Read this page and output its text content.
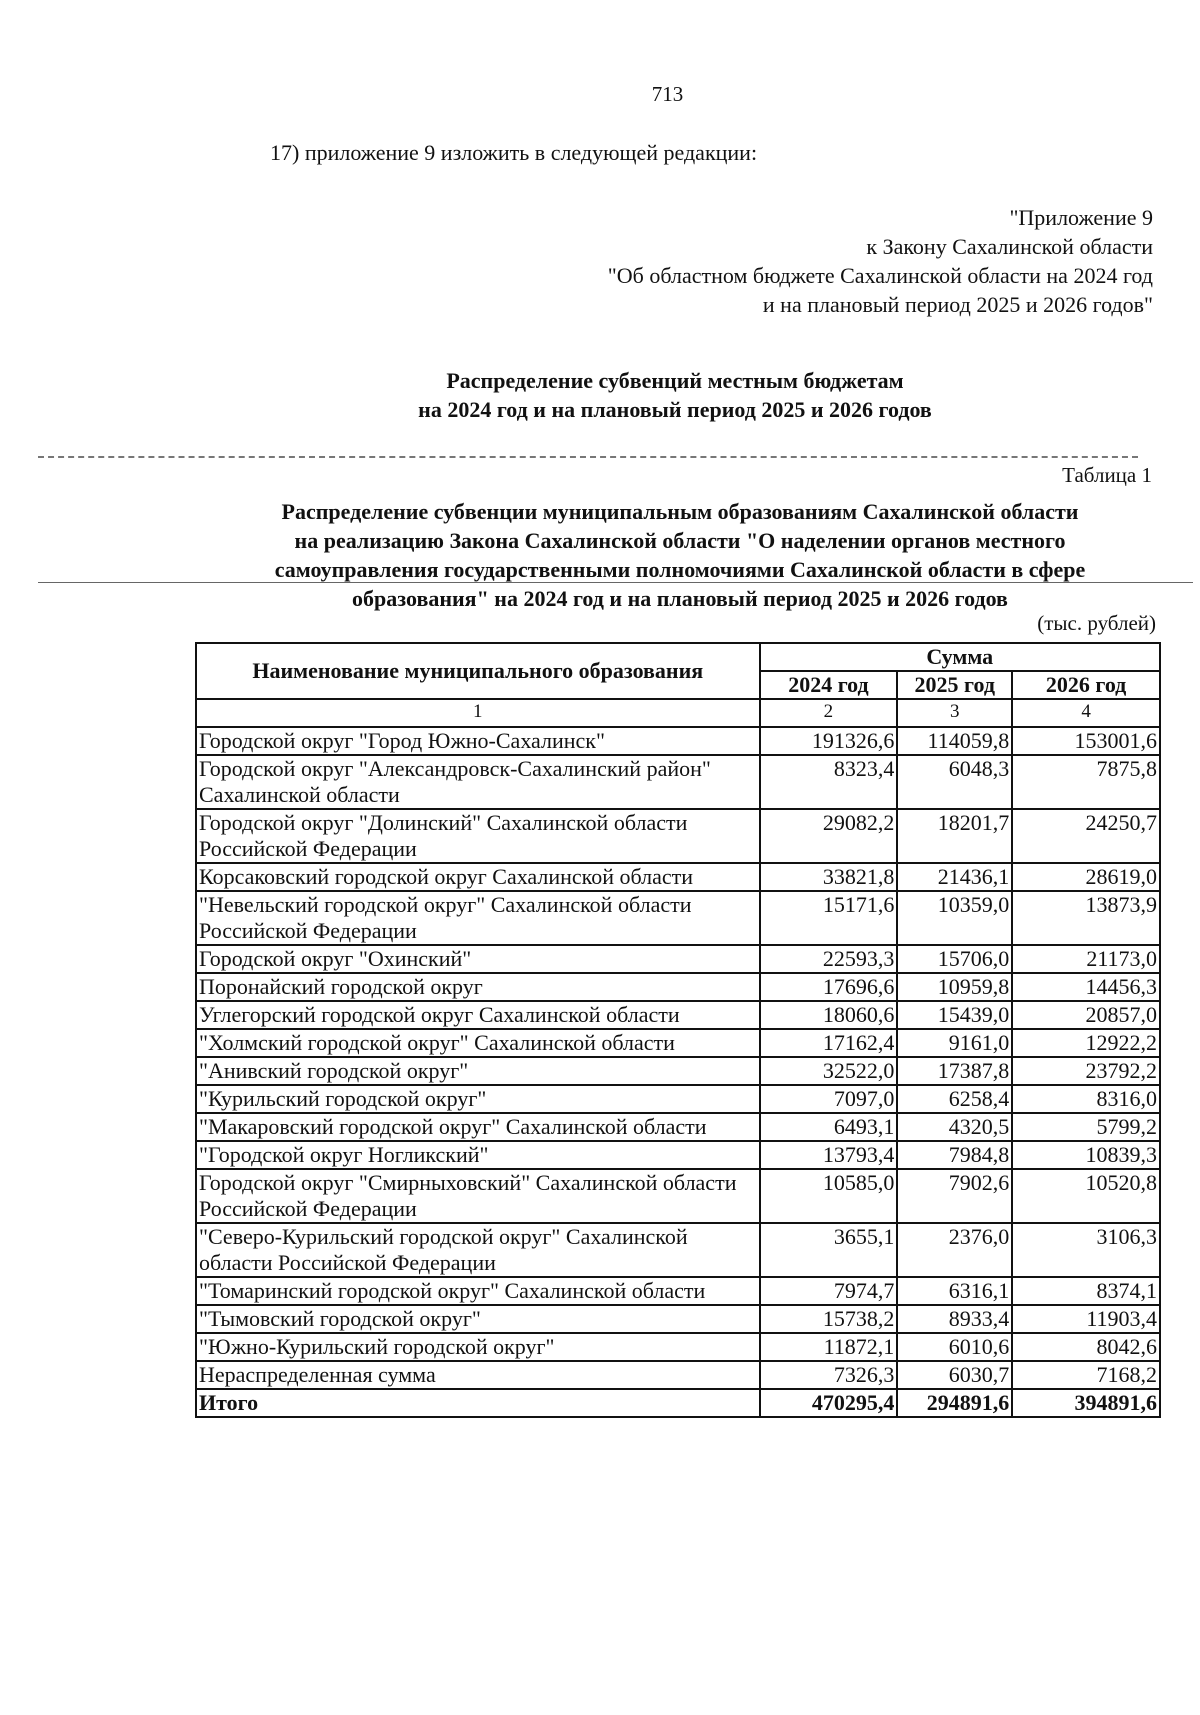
713
17) приложение 9 изложить в следующей редакции:
"Приложение 9
к Закону Сахалинской области
"Об областном бюджете Сахалинской области на 2024 год
и на плановый период 2025 и 2026 годов"
Распределение субвенций местным бюджетам
на 2024 год и на плановый период 2025 и 2026 годов
Таблица 1
Распределение субвенции муниципальным образованиям Сахалинской области
на реализацию Закона Сахалинской области "О наделении органов местного
самоуправления государственными полномочиями Сахалинской области в сфере
образования" на 2024 год и на плановый период 2025 и 2026 годов
(тыс. рублей)
Наименование муниципального образования	Сумма		
	2024 год	2025 год	2026 год
1	2	3	4
Городской округ "Город Южно-Сахалинск"	191326,6	114059,8	153001,6
Городской округ "Александровск-Сахалинский район" Сахалинской области	8323,4	6048,3	7875,8
Городской округ "Долинский" Сахалинской области Российской Федерации	29082,2	18201,7	24250,7
Корсаковский городской округ Сахалинской области	33821,8	21436,1	28619,0
"Невельский городской округ" Сахалинской области Российской Федерации	15171,6	10359,0	13873,9
Городской округ "Охинский"	22593,3	15706,0	21173,0
Поронайский городской округ	17696,6	10959,8	14456,3
Углегорский городской округ Сахалинской области	18060,6	15439,0	20857,0
"Холмский городской округ" Сахалинской области	17162,4	9161,0	12922,2
"Анивский городской округ"	32522,0	17387,8	23792,2
"Курильский городской округ"	7097,0	6258,4	8316,0
"Макаровский городской округ" Сахалинской области	6493,1	4320,5	5799,2
"Городской округ Ногликский"	13793,4	7984,8	10839,3
Городской округ "Смирныховский" Сахалинской области Российской Федерации	10585,0	7902,6	10520,8
"Северо-Курильский городской округ" Сахалинской области Российской Федерации	3655,1	2376,0	3106,3
"Томаринский городской округ" Сахалинской области	7974,7	6316,1	8374,1
"Тымовский городской округ"	15738,2	8933,4	11903,4
"Южно-Курильский городской округ"	11872,1	6010,6	8042,6
Нераспределенная сумма	7326,3	6030,7	7168,2
Итого	470295,4	294891,6	394891,6
